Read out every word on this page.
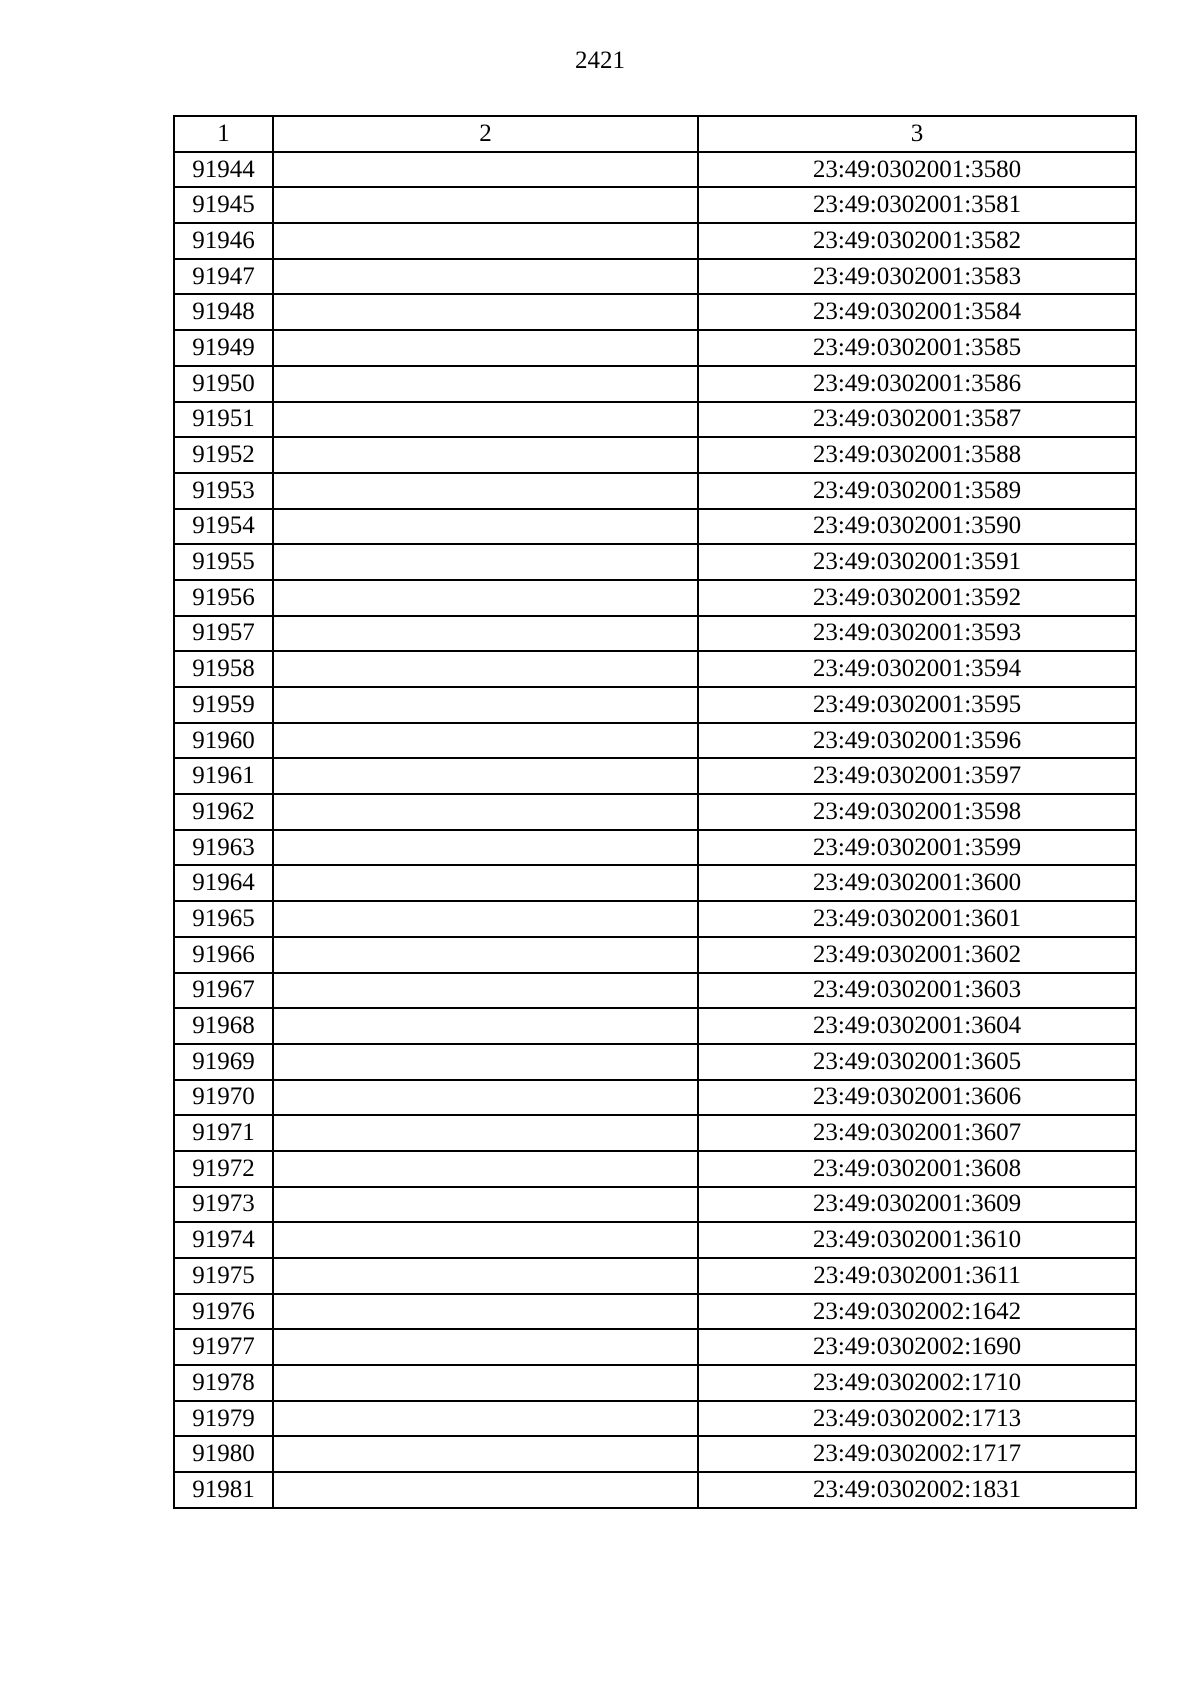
2421
1	2	3
91944		23:49:0302001:3580
91945		23:49:0302001:3581
91946		23:49:0302001:3582
91947		23:49:0302001:3583
91948		23:49:0302001:3584
91949		23:49:0302001:3585
91950		23:49:0302001:3586
91951		23:49:0302001:3587
91952		23:49:0302001:3588
91953		23:49:0302001:3589
91954		23:49:0302001:3590
91955		23:49:0302001:3591
91956		23:49:0302001:3592
91957		23:49:0302001:3593
91958		23:49:0302001:3594
91959		23:49:0302001:3595
91960		23:49:0302001:3596
91961		23:49:0302001:3597
91962		23:49:0302001:3598
91963		23:49:0302001:3599
91964		23:49:0302001:3600
91965		23:49:0302001:3601
91966		23:49:0302001:3602
91967		23:49:0302001:3603
91968		23:49:0302001:3604
91969		23:49:0302001:3605
91970		23:49:0302001:3606
91971		23:49:0302001:3607
91972		23:49:0302001:3608
91973		23:49:0302001:3609
91974		23:49:0302001:3610
91975		23:49:0302001:3611
91976		23:49:0302002:1642
91977		23:49:0302002:1690
91978		23:49:0302002:1710
91979		23:49:0302002:1713
91980		23:49:0302002:1717
91981		23:49:0302002:1831
